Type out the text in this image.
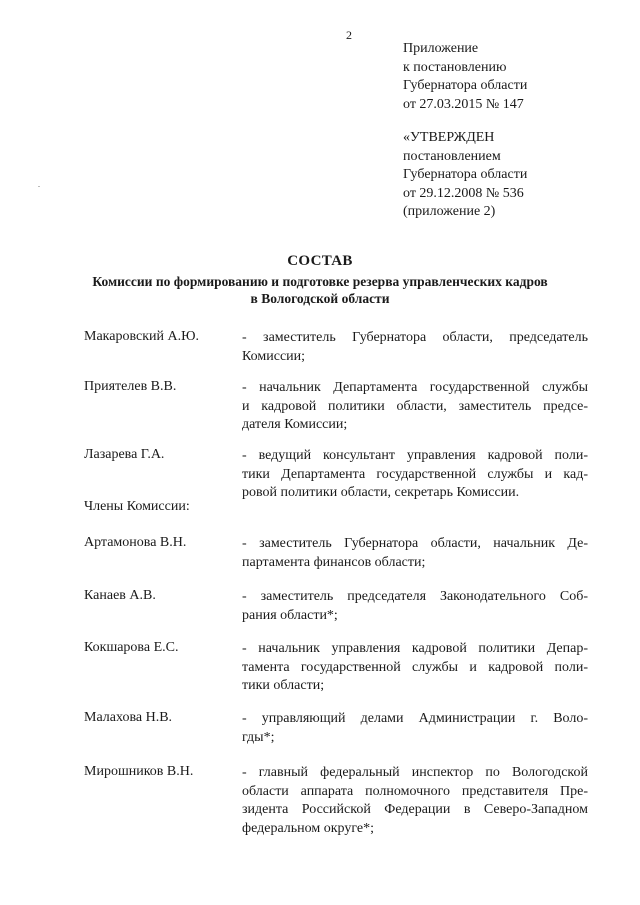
2
Приложение
к постановлению
Губернатора области
от 27.03.2015 № 147
«УТВЕРЖДЕН
постановлением
Губернатора области
от 29.12.2008 № 536
(приложение 2)
СОСТАВ
Комиссии по формированию и подготовке резерва управленческих кадров
в Вологодской области
Макаровский А.Ю.	- заместитель Губернатора области, председатель
Комиссии;
Приятелев В.В.	- начальник Департамента государственной службы
и кадровой политики области, заместитель предсе-
дателя Комиссии;
Лазарева Г.А.	- ведущий консультант управления кадровой поли-
тики Департамента государственной службы и кад-
ровой политики области, секретарь Комиссии.
Члены Комиссии:
Артамонова В.Н.	- заместитель Губернатора области, начальник Де-
партамента финансов области;
Канаев А.В.	- заместитель председателя Законодательного Соб-
рания области*;
Кокшарова Е.С.	- начальник управления кадровой политики Депар-
тамента государственной службы и кадровой поли-
тики области;
Малахова Н.В.	- управляющий делами Администрации г. Воло-
гды*;
Мирошников В.Н.	- главный федеральный инспектор по Вологодской
области аппарата полномочного представителя Пре-
зидента Российской Федерации в Северо-Западном
федеральном округе*;
